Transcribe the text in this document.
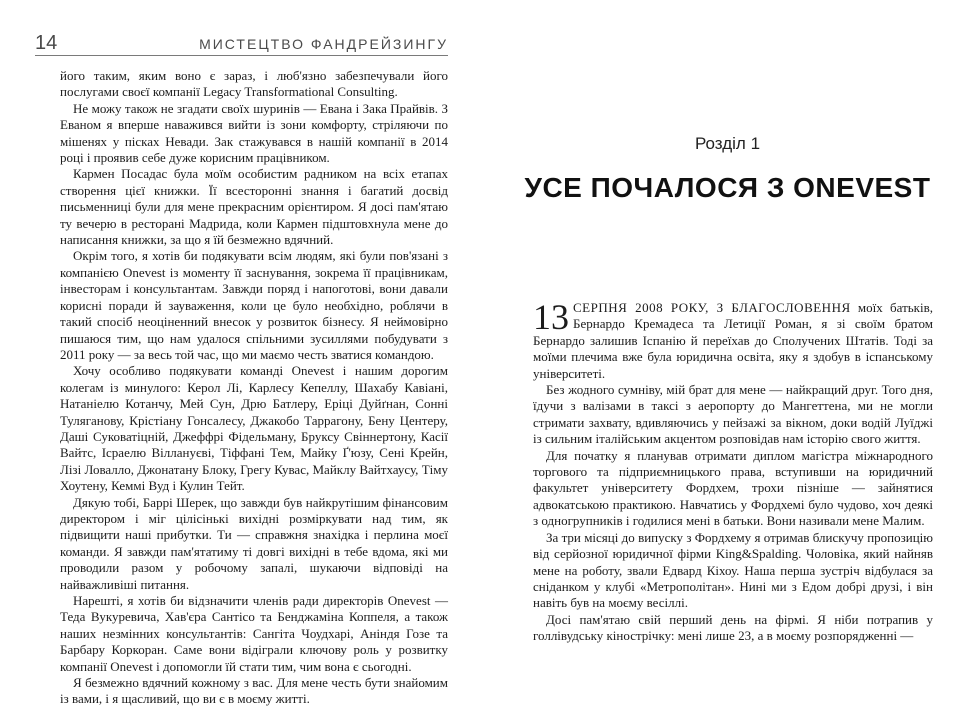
14	МИСТЕЦТВО ФАНДРЕЙЗИНГУ

його таким, яким воно є зараз, і люб'язно забезпечували його послугами своєї компанії Legacy Transformational Consulting.

Не можу також не згадати своїх шуринів — Евана і Зака Прайвів. З Еваном я вперше наважився вийти із зони комфорту, стріляючи по мішенях у пісках Невади. Зак стажувався в нашій компанії в 2014 році і проявив себе дуже корисним працівником.

Кармен Посадас була моїм особистим радником на всіх етапах створення цієї книжки. Її всесторонні знання і багатий досвід письменниці були для мене прекрасним орієнтиром. Я досі пам'ятаю ту вечерю в ресторані Мадрида, коли Кармен підштовхнула мене до написання книжки, за що я їй безмежно вдячний.

Окрім того, я хотів би подякувати всім людям, які були пов'язані з компанією Onevest із моменту її заснування, зокрема її працівникам, інвесторам і консультантам. Завжди поряд і напоготові, вони давали корисні поради й зауваження, коли це було необхідно, роблячи в такий спосіб неоціненний внесок у розвиток бізнесу. Я неймовірно пишаюся тим, що нам удалося спільними зусиллями побудувати з 2011 року — за весь той час, що ми маємо честь зватися командою.

Хочу особливо подякувати команді Onevest і нашим дорогим колегам із минулого: Керол Лі, Карлесу Кепеллу, Шахабу Кавіані, Натаніелю Котанчу, Мей Сун, Дрю Батлеру, Еріці Дуйґнан, Сонні Туляганову, Крістіану Гонсалесу, Джакобо Таррагону, Бену Центеру, Даші Суковатіцній, Джеффрі Фідельману, Бруксу Свіннертону, Касії Вайтс, Ісраелю Віллануєві, Тіффані Тем, Майку Ґ'юзу, Сені Крейн, Лізі Ловалло, Джонатану Блоку, Грегу Кувас, Майклу Вайтхаусу, Тіму Хоутену, Кеммі Вуд і Кулин Тейт.

Дякую тобі, Баррі Шерек, що завжди був найкрутішим фінансовим директором і міг цілісінькі вихідні розміркувати над тим, як підвищити наші прибутки. Ти — справжня знахідка і перлина моєї команди. Я завжди пам'ятатиму ті довгі вихідні в тебе вдома, які ми проводили разом у робочому запалі, шукаючи відповіді на найважливіші питання.

Нарешті, я хотів би відзначити членів ради директорів Onevest — Теда Вукуревича, Хав'єра Сантісо та Бенджаміна Коппеля, а також наших незмінних консультантів: Сангіта Чоудхарі, Аніндя Гозе та Барбару Коркоран. Саме вони відіграли ключову роль у розвитку компанії Onevest і допомогли їй стати тим, чим вона є сьогодні.

Я безмежно вдячний кожному з вас. Для мене честь бути знайомим із вами, і я щасливий, що ви є в моєму житті.

Розділ 1
УСЕ ПОЧАЛОСЯ З ONEVEST

13 СЕРПНЯ 2008 РОКУ, З БЛАГОСЛОВЕННЯ моїх батьків, Бернардо Кремадеса та Летиції Роман, я зі своїм братом Бернардо залишив Іспанію й переїхав до Сполучених Штатів. Тоді за моїми плечима вже була юридична освіта, яку я здобув в іспанському університеті.

Без жодного сумніву, мій брат для мене — найкращий друг. Того дня, їдучи з валізами в таксі з аеропорту до Мангеттена, ми не могли стримати захвату, вдивляючись у пейзажі за вікном, доки водій Луїджі із сильним італійським акцентом розповідав нам історію свого життя.

Для початку я планував отримати диплом магістра міжнародного торгового та підприємницького права, вступивши на юридичний факультет університету Фордхем, трохи пізніше — зайнятися адвокатською практикою. Навчатись у Фордхемі було чудово, хоч деякі з одногрупників і годилися мені в батьки. Вони називали мене Малим.

За три місяці до випуску з Фордхему я отримав блискучу пропозицію від серйозної юридичної фірми King&Spalding. Чоловіка, який найняв мене на роботу, звали Едвард Кіхоу. Наша перша зустріч відбулася за сніданком у клубі «Метрополітан». Нині ми з Едом добрі друзі, і він навіть був на моєму весіллі.

Досі пам'ятаю свій перший день на фірмі. Я ніби потрапив у голлівудську кінострічку: мені лише 23, а в моєму розпорядженні —
